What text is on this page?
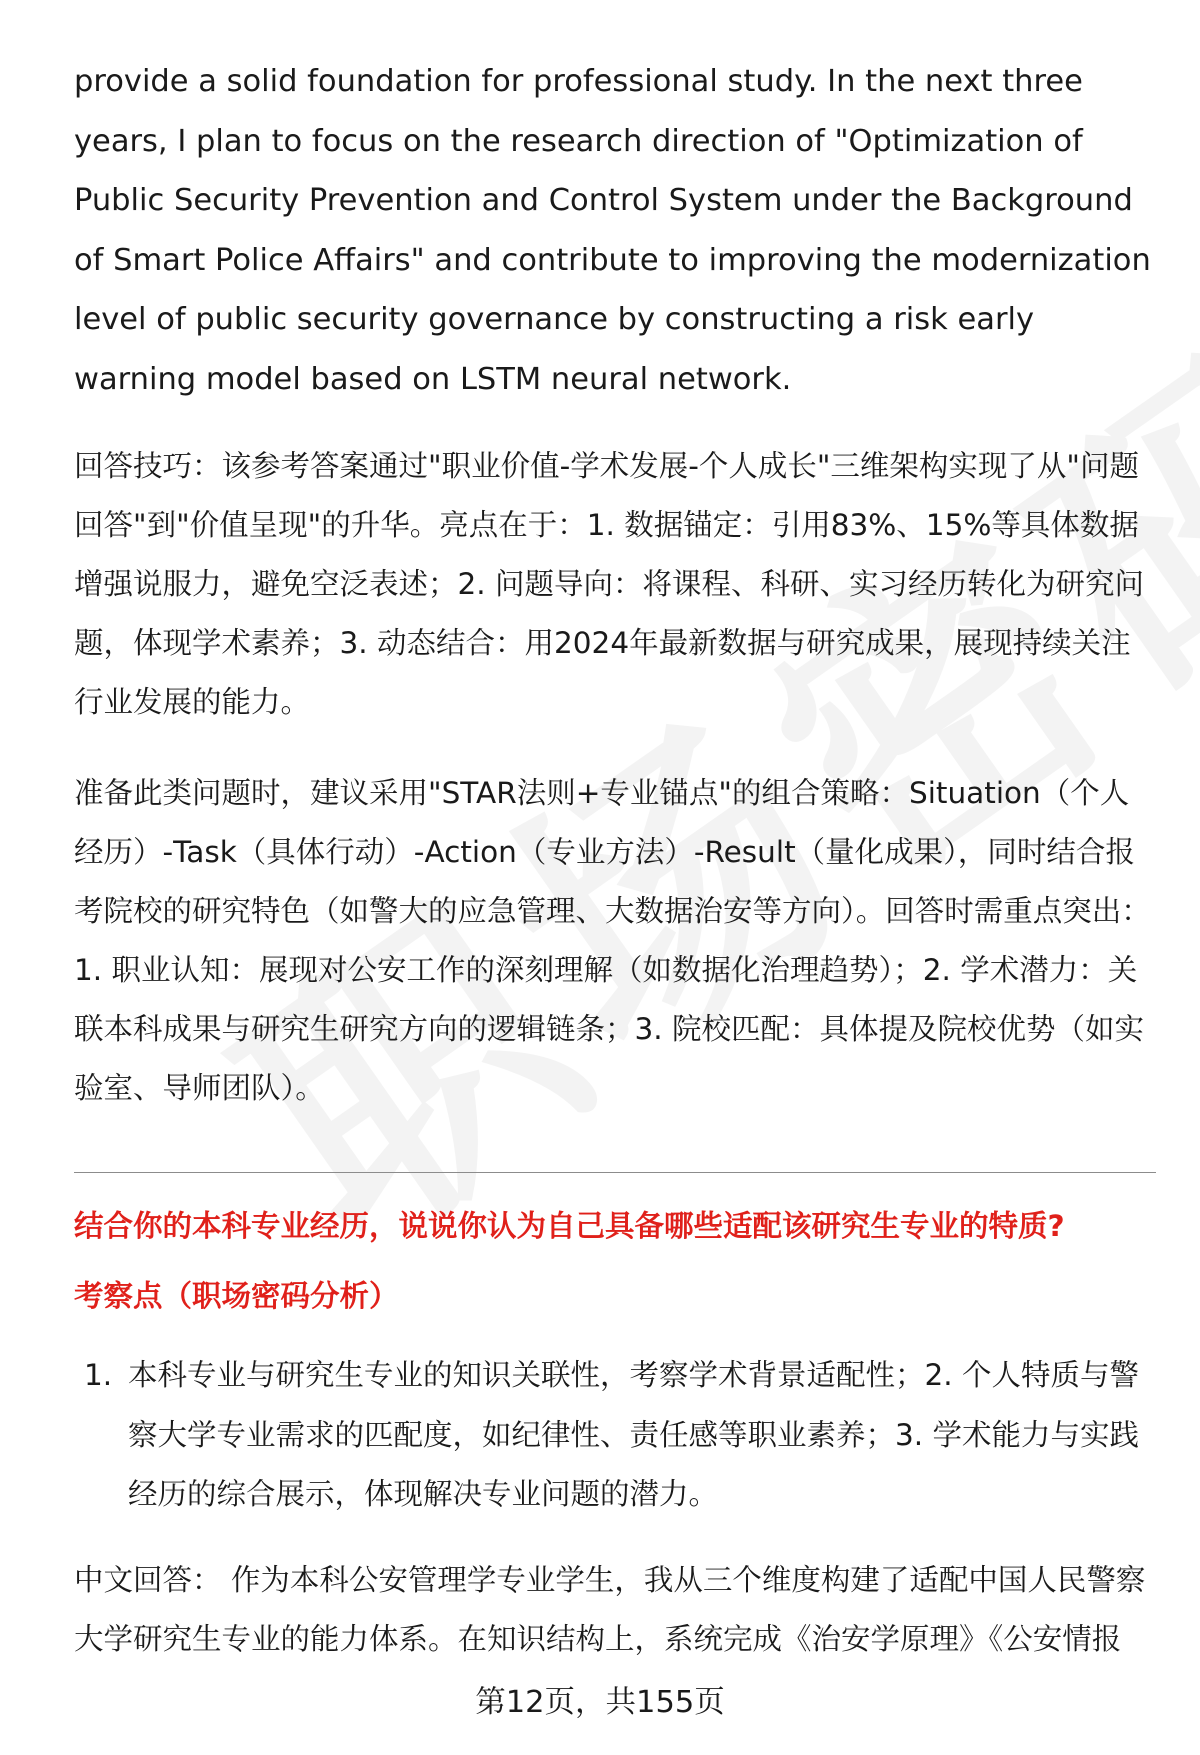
provide a solid foundation for professional study. In the next three years, I plan to focus on the research direction of "Optimization of Public Security Prevention and Control System under the Background of Smart Police Affairs" and contribute to improving the modernization level of public security governance by constructing a risk early warning model based on LSTM neural network.

回答技巧：该参考答案通过"职业价值-学术发展-个人成长"三维架构实现了从"问题回答"到"价值呈现"的升华。亮点在于：1. 数据锚定：引用83%、15%等具体数据增强说服力，避免空泛表述；2. 问题导向：将课程、科研、实习经历转化为研究问题，体现学术素养；3. 动态结合：用2024年最新数据与研究成果，展现持续关注行业发展的能力。

准备此类问题时，建议采用"STAR法则+专业锚点"的组合策略：Situation（个人经历）-Task（具体行动）-Action（专业方法）-Result（量化成果），同时结合报考院校的研究特色（如警大的应急管理、大数据治安等方向）。回答时需重点突出：1. 职业认知：展现对公安工作的深刻理解（如数据化治理趋势）；2. 学术潜力：关联本科成果与研究生研究方向的逻辑链条；3. 院校匹配：具体提及院校优势（如实验室、导师团队）。

结合你的本科专业经历，说说你认为自己具备哪些适配该研究生专业的特质?

考察点（职场密码分析）

1. 本科专业与研究生专业的知识关联性，考察学术背景适配性；2. 个人特质与警察大学专业需求的匹配度，如纪律性、责任感等职业素养；3. 学术能力与实践经历的综合展示，体现解决专业问题的潜力。

中文回答： 作为本科公安管理学专业学生，我从三个维度构建了适配中国人民警察大学研究生专业的能力体系。在知识结构上，系统完成《治安学原理》《公安情报

第12页，共155页
